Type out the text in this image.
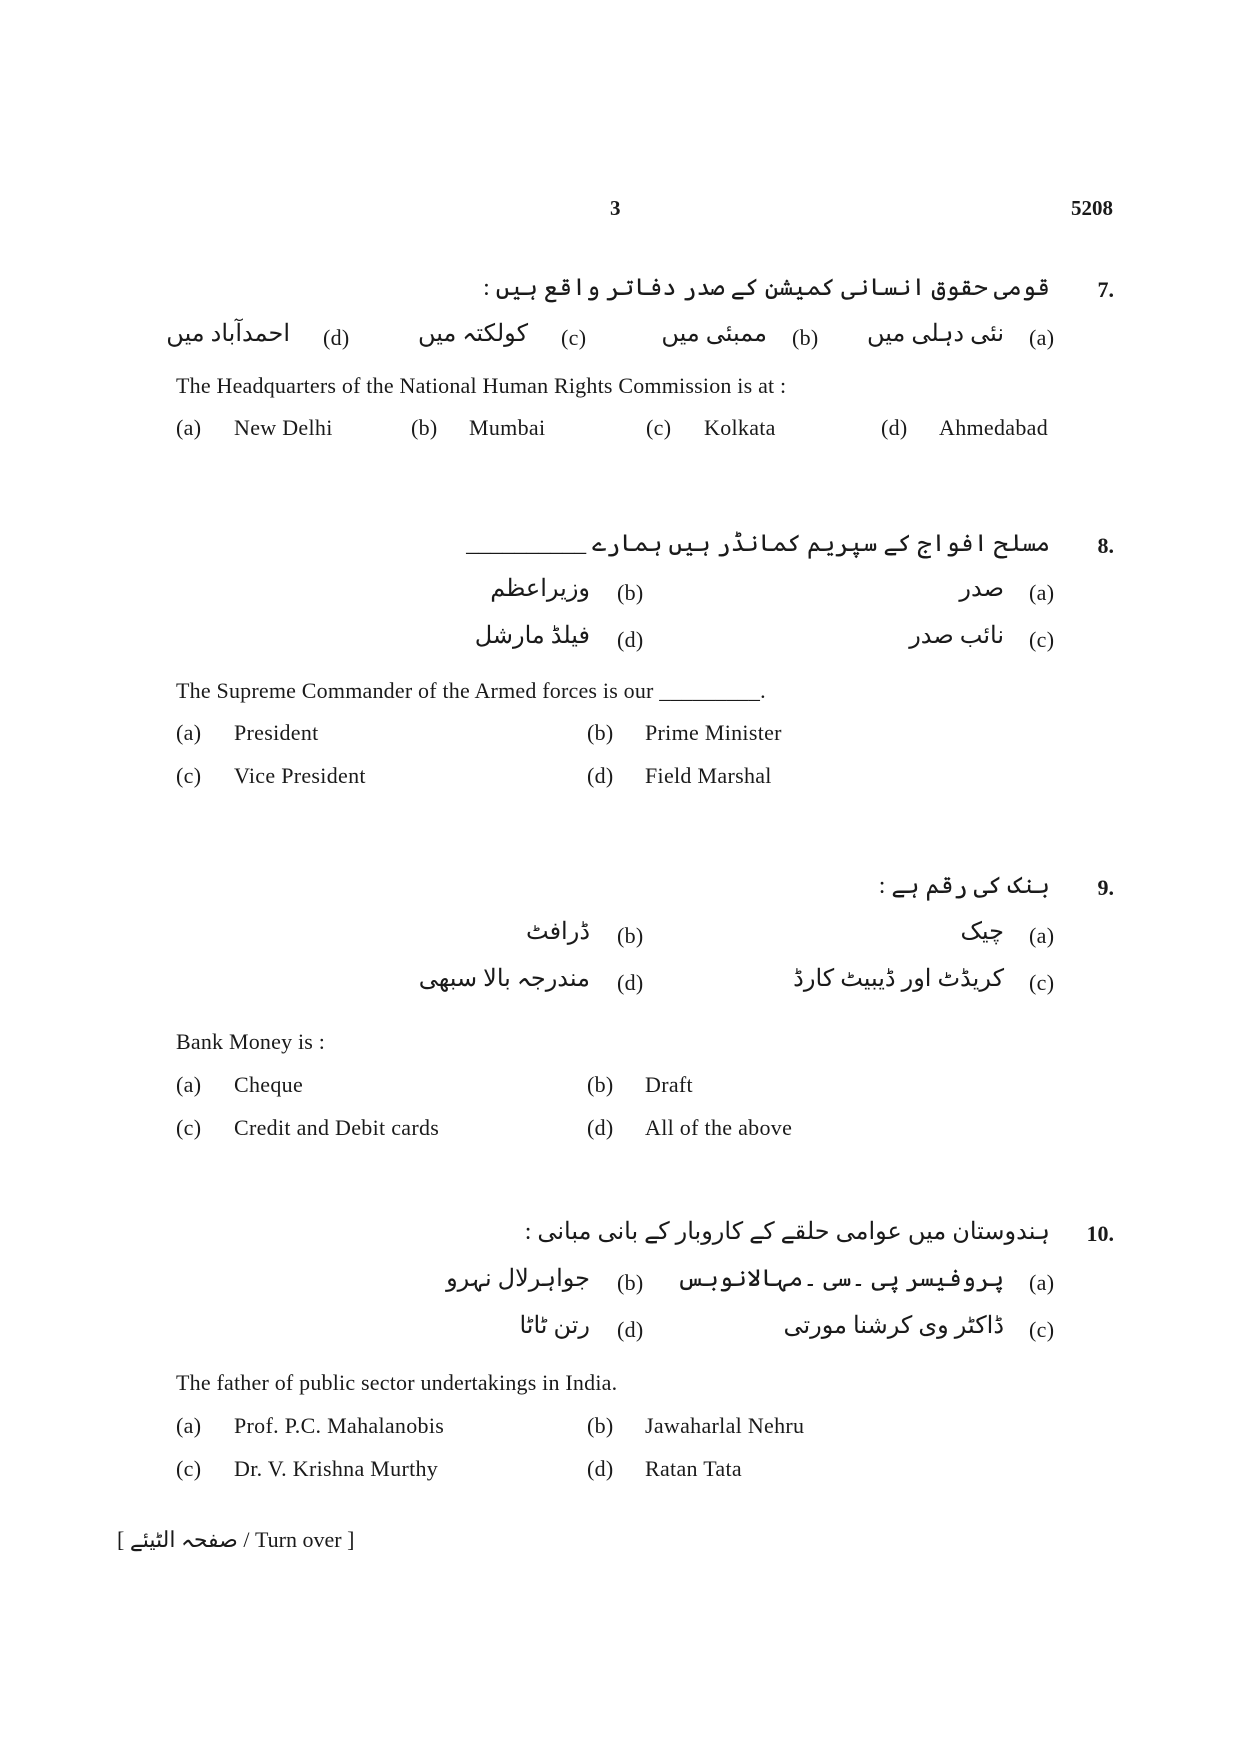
3	5208
7.
قومی حقوق انسانی کمیشن کے صدر دفاتر واقع ہیں :
(a)
نئی دہلی میں
(b)
ممبئی میں
(c)
کولکتہ میں
(d)
احمدآباد میں
The Headquarters of the National Human Rights Commission is at :
(a) New Delhi	(b) Mumbai	(c) Kolkata	(d) Ahmedabad
8.
مسلح افواج کے سپریم کمانڈر ہیں ہمارے __________
(a)
صدر
(b)
وزیراعظم
(c)
نائب صدر
(d)
فیلڈ مارشل
The Supreme Commander of the Armed forces is our _________.
(a) President	(b) Prime Minister
(c) Vice President	(d) Field Marshal
9.
بنک کی رقم ہے :
(a)
چیک
(b)
ڈرافٹ
(c)
کریڈٹ اور ڈیبیٹ کارڈ
(d)
مندرجہ بالا سبھی
Bank Money is :
(a) Cheque	(b) Draft
(c) Credit and Debit cards	(d) All of the above
10.
ہندوستان میں عوامی حلقے کے کاروبار کے بانی مبانی :
(a)
پروفیسر پی ۔سی ۔مہالانوبس
(b)
جواہرلال نہرو
(c)
ڈاکٹر وی کرشنا مورتی
(d)
رتن ٹاٹا
The father of public sector undertakings in India.
(a) Prof. P.C. Mahalanobis	(b) Jawaharlal Nehru
(c) Dr. V. Krishna Murthy	(d) Ratan Tata
[ صفحہ الٹیئے / Turn over ]
